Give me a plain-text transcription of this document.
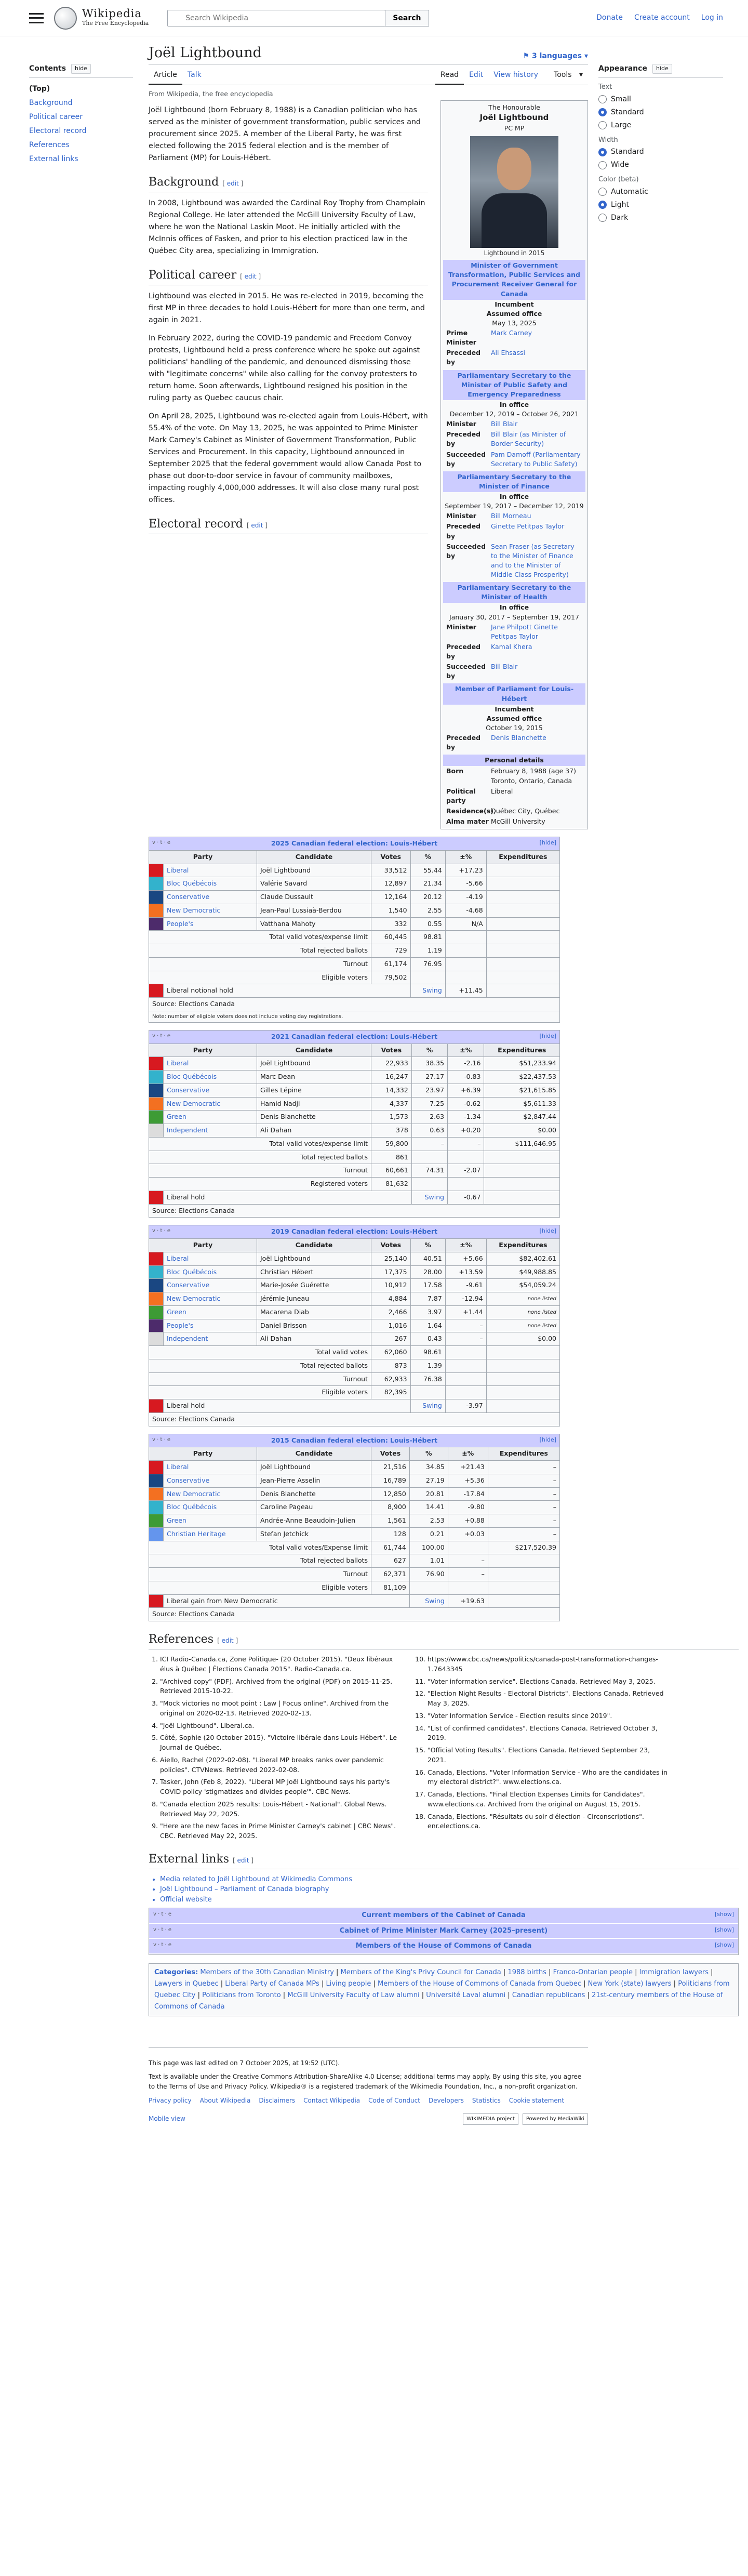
Wikipedia
The Free Encyclopedia
Search Wikipedia
Search	Donate Create account Log in
Contents	hide
(Top)
Background
Political career
Electoral record
References
External links
Joël Lightbound	⚑ 3 languages ▾
Article	Talk	Read	Edit	View history	Tools ▾
From Wikipedia, the free encyclopedia

Joël Lightbound (born February 8, 1988) is a Canadian politician who has served as the minister of government transformation, public services and procurement since 2025. A member of the Liberal Party, he was first elected following the 2015 federal election and is the member of Parliament (MP) for Louis-Hébert.

Background [ edit ]

In 2008, Lightbound was awarded the Cardinal Roy Trophy from Champlain Regional College. He later attended the McGill University Faculty of Law, where he won the National Laskin Moot. He initially articled with the McInnis offices of Fasken, and prior to his election practiced law in the Québec City area, specializing in Immigration.

Political career [ edit ]

Lightbound was elected in 2015. He was re-elected in 2019, becoming the first MP in three decades to hold Louis-Hébert for more than one term, and again in 2021.

In February 2022, during the COVID-19 pandemic and Freedom Convoy protests, Lightbound held a press conference where he spoke out against politicians' handling of the pandemic, and denounced dismissing those with "legitimate concerns" while also calling for the convoy protesters to return home. Soon afterwards, Lightbound resigned his position in the ruling party as Quebec caucus chair.

On April 28, 2025, Lightbound was re-elected again from Louis-Hébert, with 55.4% of the vote. On May 13, 2025, he was appointed to Prime Minister Mark Carney's Cabinet as Minister of Government Transformation, Public Services and Procurement. In this capacity, Lightbound announced in September 2025 that the federal government would allow Canada Post to phase out door-to-door service in favour of community mailboxes, impacting roughly 4,000,000 addresses. It will also close many rural post offices.

Electoral record [ edit ]
The Honourable
Joël Lightbound
PC MP
Lightbound in 2015
Minister of Government Transformation, Public Services and Procurement Receiver General for Canada
Incumbent
Assumed office
May 13, 2025
Prime Minister
Mark Carney
Preceded by
Ali Ehsassi
Parliamentary Secretary to the Minister of Public Safety and Emergency Preparedness
In office
December 12, 2019 – October 26, 2021
Minister	Bill Blair
Preceded by
Bill Blair (as Minister of Border Security)
Succeeded by
Pam Damoff (Parliamentary Secretary to Public Safety)
Parliamentary Secretary to the Minister of Finance
In office
September 19, 2017 – December 12, 2019
Minister	Bill Morneau
Preceded by
Ginette Petitpas Taylor
Succeeded by
Sean Fraser (as Secretary to the Minister of Finance and to the Minister of Middle Class Prosperity)
Parliamentary Secretary to the Minister of Health
In office
January 30, 2017 – September 19, 2017
Minister	Jane Philpott Ginette Petitpas Taylor
Preceded by
Kamal Khera
Succeeded by
Bill Blair
Member of Parliament for Louis-Hébert
Incumbent
Assumed office
October 19, 2015
Preceded by
Denis Blanchette
Personal details
Born	February 8, 1988 (age 37) Toronto, Ontario, Canada
Political party
Liberal
Residence(s)
Québec City, Québec
Alma mater McGill University
v · t · e	2025 Canadian federal election: Louis-Hébert	[hide]
Party		Candidate	Votes	%	±%	Expenditures
	Liberal	Joël Lightbound	33,512	55.44	+17.23	
	Bloc Québécois	Valérie Savard	12,897	21.34	-5.66	
	Conservative	Claude Dussault	12,164	20.12	-4.19	
	New Democratic	Jean-Paul Lussiaà-Berdou	1,540	2.55	-4.68	
	People's	Vatthana Mahoty	332	0.55	N/A	
Total valid votes/expense limit			60,445	98.81		
Total rejected ballots			729	1.19		
Turnout			61,174	76.95		
Eligible voters			79,502			
	Liberal notional hold			Swing	+11.45	
Source: Elections Canada						
Note: number of eligible voters does not include voting day registrations.						
v · t · e	2021 Canadian federal election: Louis-Hébert	[hide]
Party		Candidate	Votes	%	±%	Expenditures
	Liberal	Joël Lightbound	22,933	38.35	-2.16	$51,233.94
	Bloc Québécois	Marc Dean	16,247	27.17	-0.83	$22,437.53
	Conservative	Gilles Lépine	14,332	23.97	+6.39	$21,615.85
	New Democratic	Hamid Nadji	4,337	7.25	-0.62	$5,611.33
	Green	Denis Blanchette	1,573	2.63	-1.34	$2,847.44
	Independent	Ali Dahan	378	0.63	+0.20	$0.00
Total valid votes/expense limit			59,800	–	–	$111,646.95
Total rejected ballots			861			
Turnout			60,661	74.31	-2.07	
Registered voters			81,632			
	Liberal hold			Swing	-0.67	
Source: Elections Canada						
v · t · e	2019 Canadian federal election: Louis-Hébert	[hide]
Party		Candidate	Votes	%	±%	Expenditures
	Liberal	Joël Lightbound	25,140	40.51	+5.66	$82,402.61
	Bloc Québécois	Christian Hébert	17,375	28.00	+13.59	$49,988.85
	Conservative	Marie-Josée Guérette	10,912	17.58	-9.61	$54,059.24
	New Democratic	Jérémie Juneau	4,884	7.87	-12.94	none listed
	Green	Macarena Diab	2,466	3.97	+1.44	none listed
	People's	Daniel Brisson	1,016	1.64	–	none listed
	Independent	Ali Dahan	267	0.43	–	$0.00
Total valid votes			62,060	98.61		
Total rejected ballots			873	1.39		
Turnout			62,933	76.38		
Eligible voters			82,395			
	Liberal hold			Swing	-3.97	
Source: Elections Canada						
v · t · e	2015 Canadian federal election: Louis-Hébert	[hide]
Party		Candidate	Votes	%	±%	Expenditures
	Liberal	Joël Lightbound	21,516	34.85	+21.43	–
	Conservative	Jean-Pierre Asselin	16,789	27.19	+5.36	–
	New Democratic	Denis Blanchette	12,850	20.81	-17.84	–
	Bloc Québécois	Caroline Pageau	8,900	14.41	-9.80	–
	Green	Andrée-Anne Beaudoin-Julien	1,561	2.53	+0.88	–
	Christian Heritage	Stefan Jetchick	128	0.21	+0.03	–
Total valid votes/Expense limit			61,744	100.00		$217,520.39
Total rejected ballots			627	1.01	–	
Turnout			62,371	76.90	–	
Eligible voters			81,109			
	Liberal gain from New Democratic			Swing	+19.63	
Source: Elections Canada						
References [ edit ]
1. ICI Radio-Canada.ca, Zone Politique- (20 October 2015). "Deux libéraux élus à Québec | Élections Canada 2015". Radio-Canada.ca.
2. "Archived copy" (PDF). Archived from the original (PDF) on 2015-11-25. Retrieved 2015-10-22.
3. "Mock victories no moot point : Law | Focus online". Archived from the original on 2020-02-13. Retrieved 2020-02-13.
4. "Joël Lightbound". Liberal.ca.
5. Côté, Sophie (20 October 2015). "Victoire libérale dans Louis-Hébert". Le Journal de Québec.
6. Aiello, Rachel (2022-02-08). "Liberal MP breaks ranks over pandemic policies". CTVNews. Retrieved 2022-02-08.
7. Tasker, John (Feb 8, 2022). "Liberal MP Joël Lightbound says his party's COVID policy 'stigmatizes and divides people'". CBC News.
8. "Canada election 2025 results: Louis-Hébert - National". Global News. Retrieved May 22, 2025.
9. "Here are the new faces in Prime Minister Carney's cabinet | CBC News". CBC. Retrieved May 22, 2025.
10. https://www.cbc.ca/news/politics/canada-post-transformation-changes-1.7643345
11. "Voter information service". Elections Canada. Retrieved May 3, 2025.
12. "Election Night Results - Electoral Districts". Elections Canada. Retrieved May 3, 2025.
13. "Voter Information Service - Election results since 2019".
14. "List of confirmed candidates". Elections Canada. Retrieved October 3, 2019.
15. "Official Voting Results". Elections Canada. Retrieved September 23, 2021.
16. Canada, Elections. "Voter Information Service - Who are the candidates in my electoral district?". www.elections.ca.
17. Canada, Elections. "Final Election Expenses Limits for Candidates". www.elections.ca. Archived from the original on August 15, 2015.
18. Canada, Elections. "Résultats du soir d'élection - Circonscriptions". enr.elections.ca.
External links [ edit ]
• Media related to Joël Lightbound at Wikimedia Commons
• Joël Lightbound – Parliament of Canada biography
• Official website
v · t · e	Current members of the Cabinet of Canada	[show]
v · t · e	Cabinet of Prime Minister Mark Carney (2025–present)	[show]
v · t · e	Members of the House of Commons of Canada	[show]
Categories: Members of the 30th Canadian Ministry | Members of the King's Privy Council for Canada | 1988 births | Franco-Ontarian people | Immigration lawyers | Lawyers in Quebec | Liberal Party of Canada MPs | Living people | Members of the House of Commons of Canada from Quebec | New York (state) lawyers | Politicians from Quebec City | Politicians from Toronto | McGill University Faculty of Law alumni | Université Laval alumni | Canadian republicans | 21st-century members of the House of Commons of Canada
This page was last edited on 7 October 2025, at 19:52 (UTC).
Text is available under the Creative Commons Attribution-ShareAlike 4.0 License; additional terms may apply. By using this site, you agree to the Terms of Use and Privacy Policy. Wikipedia® is a registered trademark of the Wikimedia Foundation, Inc., a non-profit organization.
Privacy policy About Wikipedia Disclaimers Contact Wikipedia Code of Conduct Developers Statistics Cookie statement
Mobile view	WIKIMEDIA project	Powered by MediaWiki
Appearance	hide
Text
Small
Standard
Large
Width
Standard
Wide
Color (beta)
Automatic
Light
Dark
